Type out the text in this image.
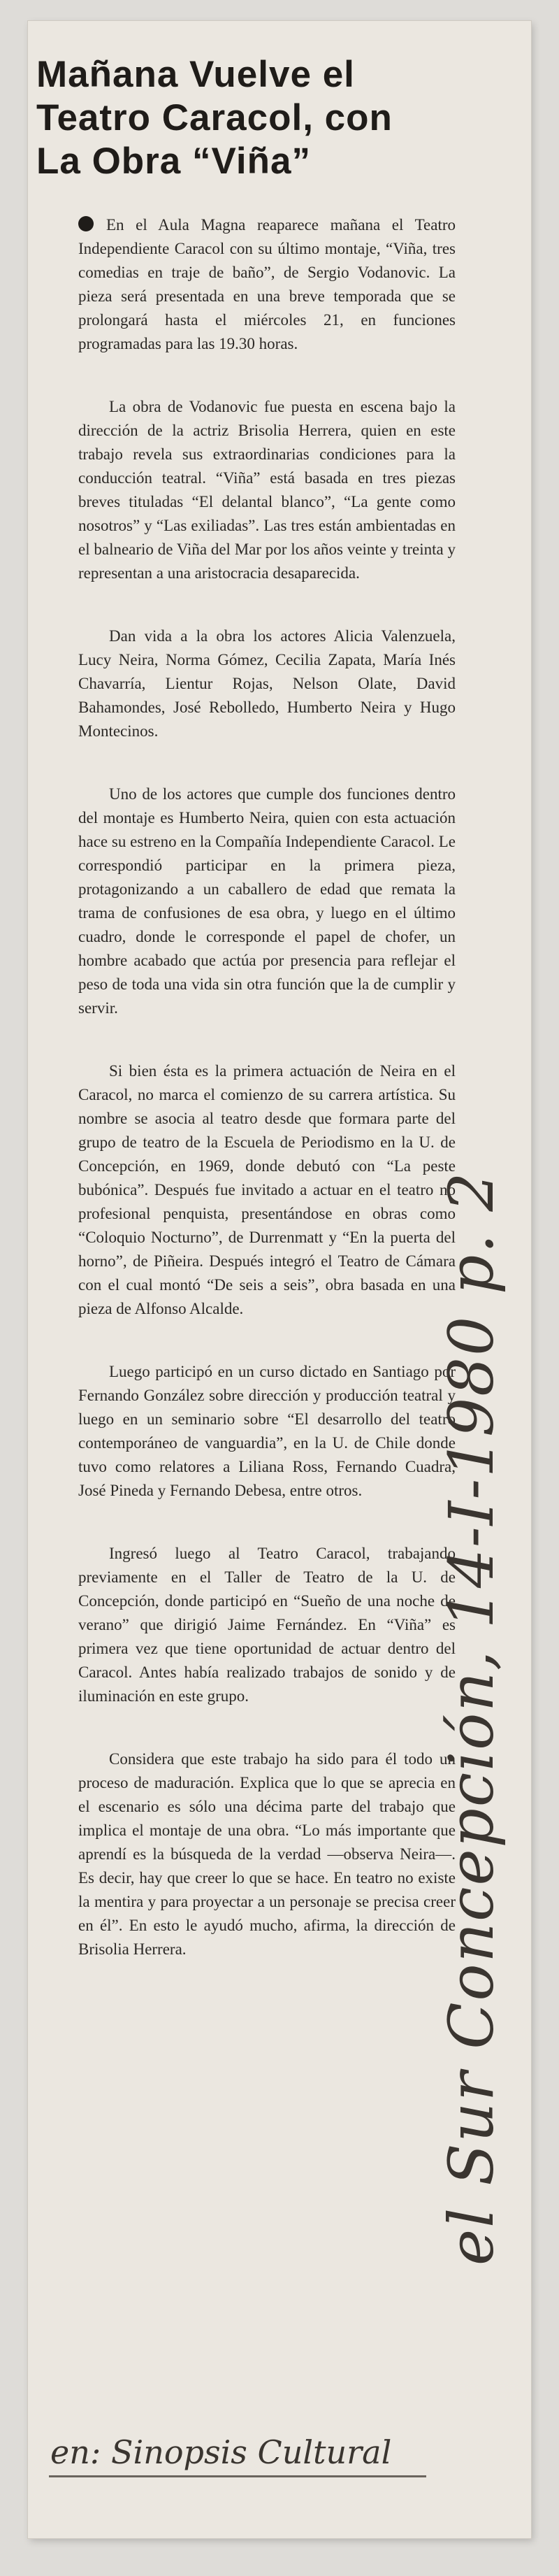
Mañana Vuelve el
Teatro Caracol, con
La Obra “Viña”

En el Aula Magna reaparece mañana el Teatro Independiente Caracol con su último montaje, “Viña, tres comedias en traje de baño”, de Sergio Vodanovic. La pieza será presentada en una breve temporada que se prolongará hasta el miércoles 21, en funciones programadas para las 19.30 horas.

La obra de Vodanovic fue puesta en escena bajo la dirección de la actriz Brisolia Herrera, quien en este trabajo revela sus extraordinarias condiciones para la conducción teatral. “Viña” está basada en tres piezas breves tituladas “El delantal blanco”, “La gente como nosotros” y “Las exiliadas”. Las tres están ambientadas en el balneario de Viña del Mar por los años veinte y treinta y representan a una aristocracia desaparecida.

Dan vida a la obra los actores Alicia Valenzuela, Lucy Neira, Norma Gómez, Cecilia Zapata, María Inés Chavarría, Lientur Rojas, Nelson Olate, David Bahamondes, José Rebolledo, Humberto Neira y Hugo Montecinos.

Uno de los actores que cumple dos funciones dentro del montaje es Humberto Neira, quien con esta actuación hace su estreno en la Compañía Independiente Caracol. Le correspondió participar en la primera pieza, protagonizando a un caballero de edad que remata la trama de confusiones de esa obra, y luego en el último cuadro, donde le corresponde el papel de chofer, un hombre acabado que actúa por presencia para reflejar el peso de toda una vida sin otra función que la de cumplir y servir.

Si bien ésta es la primera actuación de Neira en el Caracol, no marca el comienzo de su carrera artística. Su nombre se asocia al teatro desde que formara parte del grupo de teatro de la Escuela de Periodismo en la U. de Concepción, en 1969, donde debutó con “La peste bubónica”. Después fue invitado a actuar en el teatro no profesional penquista, presentándose en obras como “Coloquio Nocturno”, de Durrenmatt y “En la puerta del horno”, de Piñeira. Después integró el Teatro de Cámara con el cual montó “De seis a seis”, obra basada en una pieza de Alfonso Alcalde.

Luego participó en un curso dictado en Santiago por Fernando González sobre dirección y producción teatral y luego en un seminario sobre “El desarrollo del teatro contemporáneo de vanguardia”, en la U. de Chile donde tuvo como relatores a Liliana Ross, Fernando Cuadra, José Pineda y Fernando Debesa, entre otros.

Ingresó luego al Teatro Caracol, trabajando previamente en el Taller de Teatro de la U. de Concepción, donde participó en “Sueño de una noche de verano” que dirigió Jaime Fernández. En “Viña” es primera vez que tiene oportunidad de actuar dentro del Caracol. Antes había realizado trabajos de sonido y de iluminación en este grupo.

Considera que este trabajo ha sido para él todo un proceso de maduración. Explica que lo que se aprecia en el escenario es sólo una décima parte del trabajo que implica el montaje de una obra. “Lo más importante que aprendí es la búsqueda de la verdad —observa Neira—. Es decir, hay que creer lo que se hace. En teatro no existe la mentira y para proyectar a un personaje se precisa creer en él”. En esto le ayudó mucho, afirma, la dirección de Brisolia Herrera.	el Sur Concepción, 14-I-1980 p. 2
en: Sinopsis Cultural
